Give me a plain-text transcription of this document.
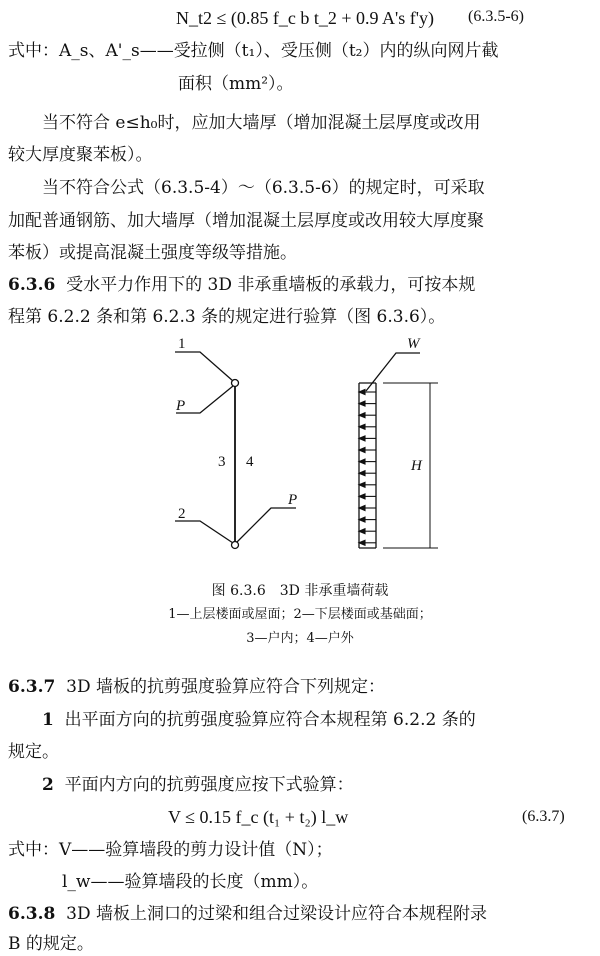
N_t2 ≤ (0.85 f_c b t_2 + 0.9 A's f'y) (6.3.5-6)
式中：A_s、A'_s——受拉侧（t₁）、受压侧（t₂）内的纵向网片截
面积（mm²）。
当不符合 e≤h₀时，应加大墙厚（增加混凝土层厚度或改用
较大厚度聚苯板）。
当不符合公式（6.3.5-4）～（6.3.5-6）的规定时，可采取
加配普通钢筋、加大墙厚（增加混凝土层厚度或改用较大厚度聚
苯板）或提高混凝土强度等级等措施。
6.3.6 受水平力作用下的 3D 非承重墙板的承载力，可按本规
程第 6.2.2 条和第 6.2.3 条的规定进行验算（图 6.3.6）。
1
P
2
P
3 4
W
H
图 6.3.6　3D 非承重墙荷载
1—上层楼面或屋面；2—下层楼面或基础面；
3—户内；4—户外
6.3.7 3D 墙板的抗剪强度验算应符合下列规定：
1 出平面方向的抗剪强度验算应符合本规程第 6.2.2 条的
规定。
2 平面内方向的抗剪强度应按下式验算：
V ≤ 0.15 f_c (t₁ + t₂) l_w	(6.3.7)
式中：V——验算墙段的剪力设计值（N）；
l_w——验算墙段的长度（mm）。
6.3.8 3D 墙板上洞口的过梁和组合过梁设计应符合本规程附录
B 的规定。
